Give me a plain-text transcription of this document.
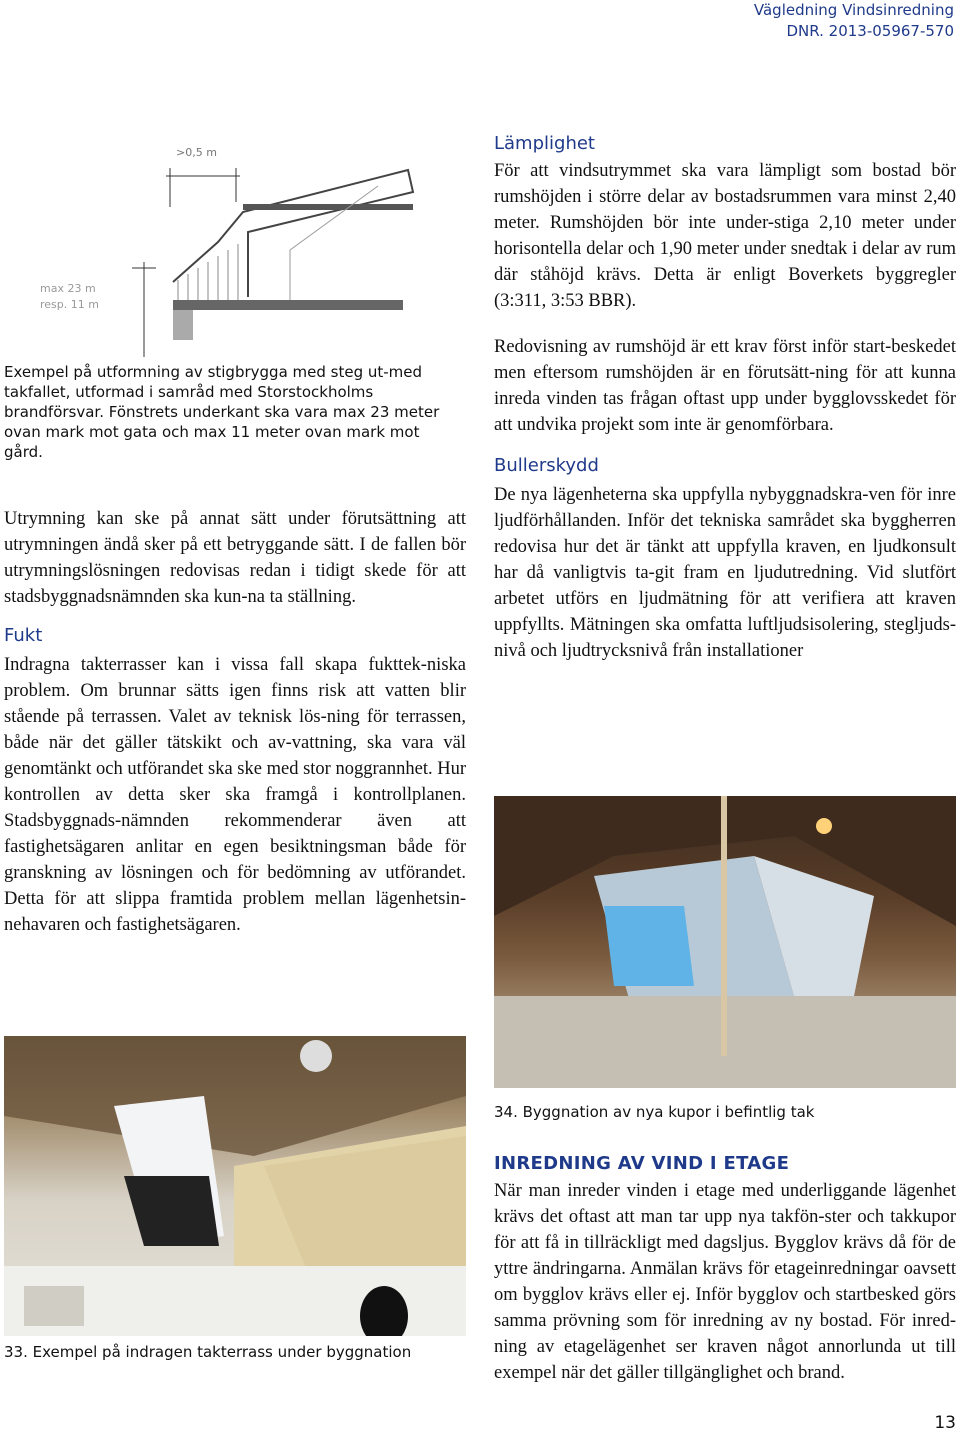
Vägledning Vindsinredning
DNR. 2013-05967-570
>0,5 m
max 23 m
resp. 11 m
Exempel på utformning av stigbrygga med steg ut-med takfallet, utformad i samråd med Storstockholms brandförsvar. Fönstrets underkant ska vara max 23 meter ovan mark mot gata och max 11 meter ovan mark mot gård.

Utrymning kan ske på annat sätt under förutsättning att utrymningen ändå sker på ett betryggande sätt. I de fallen bör utrymningslösningen redovisas redan i tidigt skede för att stadsbyggnadsnämnden ska kun-na ta ställning.

Fukt

Indragna takterrasser kan i vissa fall skapa fukttek-niska problem. Om brunnar sätts igen finns risk att vatten blir stående på terrassen. Valet av teknisk lös-ning för terrassen, både när det gäller tätskikt och av-vattning, ska vara väl genomtänkt och utförandet ska ske med stor noggrannhet. Hur kontrollen av detta sker ska framgå i kontrollplanen. Stadsbyggnads-nämnden rekommenderar även att fastighetsägaren anlitar en egen besiktningsman både för granskning av lösningen och för bedömning av utförandet. Detta för att slippa framtida problem mellan lägenhetsin-nehavaren och fastighetsägaren.

33. Exempel på indragen takterrass under byggnation
Lämplighet

För att vindsutrymmet ska vara lämpligt som bostad bör rumshöjden i större delar av bostadsrummen vara minst 2,40 meter. Rumshöjden bör inte under-stiga 2,10 meter under horisontella delar och 1,90 meter under snedtak i delar av rum där ståhöjd krävs. Detta är enligt Boverkets byggregler (3:311, 3:53 BBR).

Redovisning av rumshöjd är ett krav först inför start-beskedet men eftersom rumshöjden är en förutsätt-ning för att kunna inreda vinden tas frågan oftast upp under bygglovsskedet för att undvika projekt som inte är genomförbara.

Bullerskydd

De nya lägenheterna ska uppfylla nybyggnadskra-ven för inre ljudförhållanden. Inför det tekniska samrådet ska byggherren redovisa hur det är tänkt att uppfylla kraven, en ljudkonsult har då vanligtvis ta-git fram en ljudutredning. Vid slutfört arbetet utförs en ljudmätning för att verifiera att kraven uppfyllts. Mätningen ska omfatta luftljudsisolering, stegljuds-nivå och ljudtrycksnivå från installationer

34. Byggnation av nya kupor i befintlig tak
INREDNING AV VIND I ETAGE

När man inreder vinden i etage med underliggande lägenhet krävs det oftast att man tar upp nya takfön-ster och takkupor för att få in tillräckligt med dagsljus. Bygglov krävs då för de yttre ändringarna. Anmälan krävs för etageinredningar oavsett om bygglov krävs eller ej. Inför bygglov och startbesked görs samma prövning som för inredning av ny bostad. För inred-ning av etagelägenhet ser kraven något annorlunda ut till exempel när det gäller tillgänglighet och brand.

13
